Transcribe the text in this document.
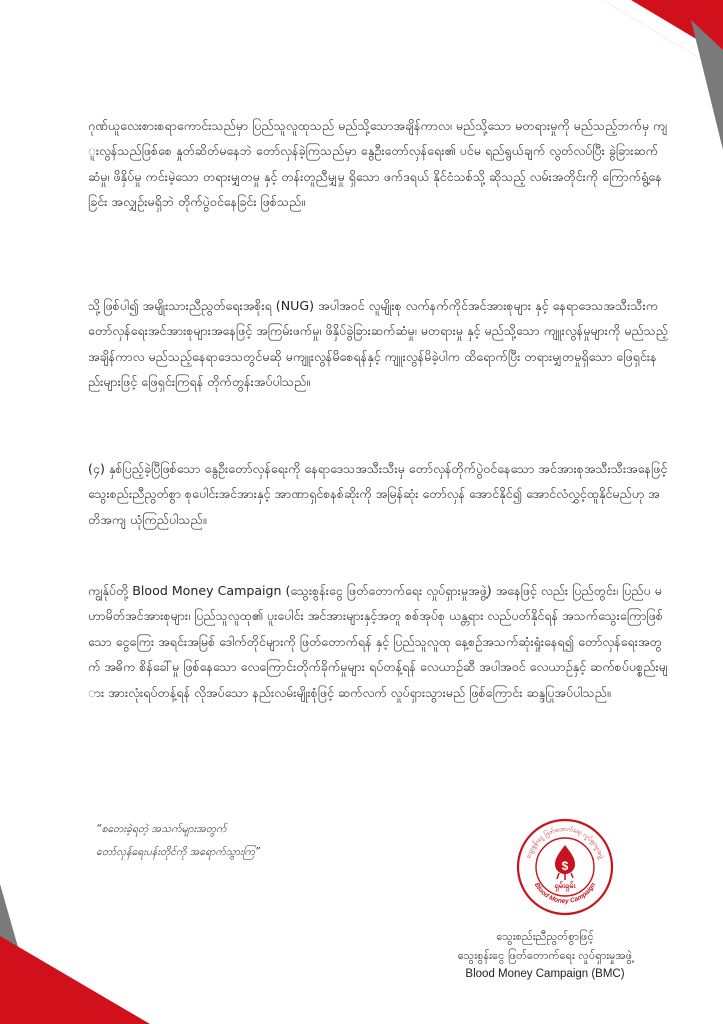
ဂုဏ်ယူလေးစားစရာကောင်းသည်မှာ ပြည်သူလူထုသည် မည်သို့သောအချိန်ကာလ၊ မည်သို့သော မတရားမှုကို မည်သည့်ဘက်မှ ကျူးလွန်သည်ဖြစ်စေ နှုတ်ဆိတ်မနေဘဲ တော်လှန်ခဲ့ကြသည်မှာ နွေဦးတော်လှန်ရေး၏ ပင်မ ရည်ရွယ်ချက် လွတ်လပ်ပြီး ခွဲခြားဆက်ဆံမှု၊ ဖိနှိပ်မှု ကင်းမဲ့သော တရားမျှတမှု နှင့် တန်းတူညီမျှမှု ရှိသော ဖက်ဒရယ် နိုင်ငံသစ်သို့ ဆိုသည့် လမ်းအတိုင်းကို ကြောက်ရွံ့နေခြင်း အလျှဉ်းမရှိဘဲ တိုက်ပွဲဝင်နေခြင်း ဖြစ်သည်။

သို့ဖြစ်ပါ၍ အမျိုးသားညီညွတ်ရေးအစိုးရ (NUG) အပါအဝင် လူမျိုးစု လက်နက်ကိုင်အင်အားစုများ နှင့် နေရာဒေသအသီးသီးက တော်လှန်ရေးအင်အားစုများအနေဖြင့် အကြမ်းဖက်မှု၊ ဖိနှိပ်ခွဲခြားဆက်ဆံမှု၊ မတရားမှု နှင့် မည်သို့သော ကျူးလွန်မှုများကို မည်သည့်အချိန်ကာလ မည်သည့်နေရာဒေသတွင်မဆို မကျူးလွန်မိစေရန်နှင့် ကျူးလွန်မိခဲ့ပါက ထိရောက်ပြီး တရားမျှတမှုရှိသော ဖြေရှင်းနည်းများဖြင့် ဖြေရှင်းကြရန် တိုက်တွန်းအပ်ပါသည်။

(၄) နှစ်ပြည့်ခဲ့ပြီဖြစ်သော နွေဦးတော်လှန်ရေးကို နေရာဒေသအသီးသီးမှ တော်လှန်တိုက်ပွဲဝင်နေသော အင်အားစုအသီးသီးအနေဖြင့် သွေးစည်းညီညွတ်စွာ စုပေါင်းအင်အားနှင့် အာဏာရှင်စနစ်ဆိုးကို အမြန်ဆုံး တော်လှန် အောင်နိုင်၍ အောင်လံလွှင့်ထူနိုင်မည်ဟု အတိအကျ ယုံကြည်ပါသည်။

ကျွန်ုပ်တို့ Blood Money Campaign (သွေးစွန်းငွေ ဖြတ်တောက်ရေး လှုပ်ရှားမှုအဖွဲ့) အနေဖြင့် လည်း ပြည်တွင်း၊ ပြည်ပ မဟာမိတ်အင်အားစုများ၊ ပြည်သူလူထု၏ ပူးပေါင်း အင်အားများနှင့်အတူ စစ်အုပ်စု ယန္တရား လည်ပတ်နိုင်ရန် အသက်သွေးကြောဖြစ်သော ငွေကြေး အရင်းအမြစ် ဒေါက်တိုင်များကို ဖြတ်တောက်ရန် နှင့် ပြည်သူလူထု နေ့စဉ်အသက်ဆုံးရှုံးနေရ၍ တော်လှန်ရေးအတွက် အဓိက စိန်ခေါ်မှု ဖြစ်နေသော လေကြောင်းတိုက်ခိုက်မှုများ ရပ်တန့်ရန် လေယာဉ်ဆီ အပါအဝင် လေယာဉ်နှင့် ဆက်စပ်ပစ္စည်းများ အားလုံးရပ်တန့်ရန် လိုအပ်သော နည်းလမ်းမျိုးစုံဖြင့် ဆက်လက် လှုပ်ရှားသွားမည် ဖြစ်ကြောင်း ဆန္ဒပြုအပ်ပါသည်။

“စတေးခဲ့ရတဲ့ အသက်များအတွက်
တော်လှန်ရေးပန်းတိုင်ကို အရောက်သွားကြ”	သွေးစွန်းငွေ ဖြတ်တောက်ရေး လှုပ်ရှားမှုအဖွဲ့
Blood Money Campaign
$
ရှမ်းရှမ်း
သွေးစည်းညီညွတ်စွာဖြင့်
သွေးစွန်းငွေ ဖြတ်တောက်ရေး လှုပ်ရှားမှုအဖွဲ့
Blood Money Campaign (BMC)
